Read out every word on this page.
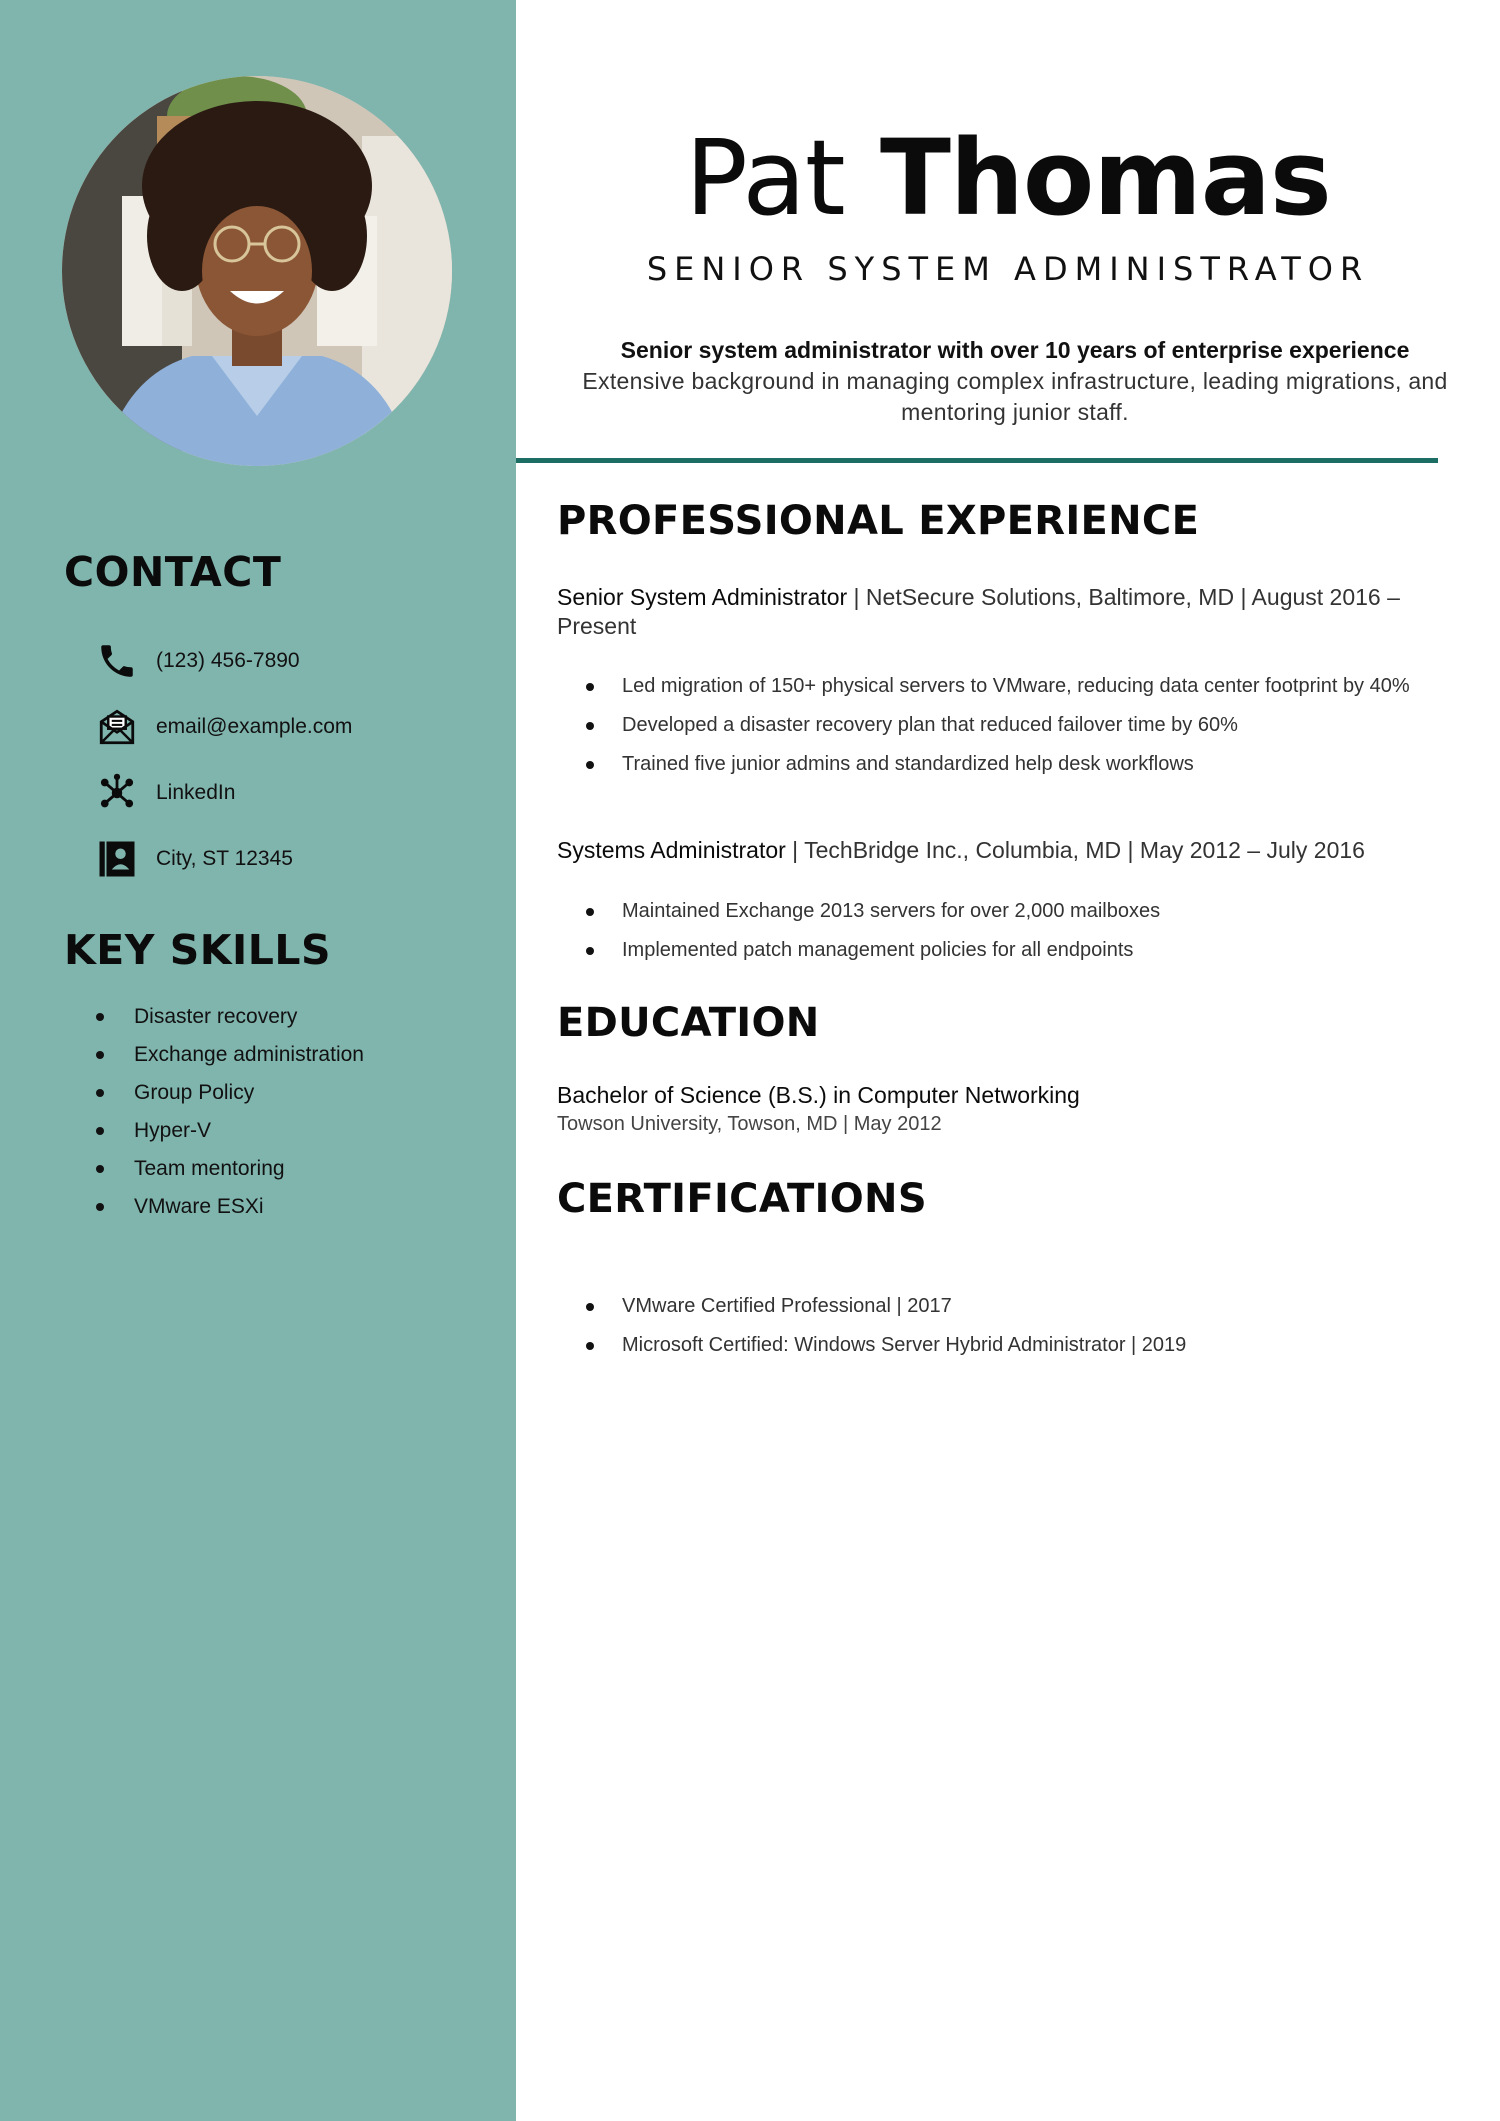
CONTACT
(123) 456-7890
email@example.com
LinkedIn
City, ST 12345
KEY SKILLS
Disaster recovery
Exchange administration
Group Policy
Hyper-V
Team mentoring
VMware ESXi
Pat Thomas
SENIOR SYSTEM ADMINISTRATOR
Senior system administrator with over 10 years of enterprise experience
Extensive background in managing complex infrastructure, leading migrations, and mentoring junior staff.
PROFESSIONAL EXPERIENCE
Senior System Administrator | NetSecure Solutions, Baltimore, MD | August 2016 – Present
Led migration of 150+ physical servers to VMware, reducing data center footprint by 40%
Developed a disaster recovery plan that reduced failover time by 60%
Trained five junior admins and standardized help desk workflows
Systems Administrator | TechBridge Inc., Columbia, MD | May 2012 – July 2016
Maintained Exchange 2013 servers for over 2,000 mailboxes
Implemented patch management policies for all endpoints
EDUCATION
Bachelor of Science (B.S.) in Computer Networking
Towson University, Towson, MD | May 2012
CERTIFICATIONS
VMware Certified Professional | 2017
Microsoft Certified: Windows Server Hybrid Administrator | 2019
